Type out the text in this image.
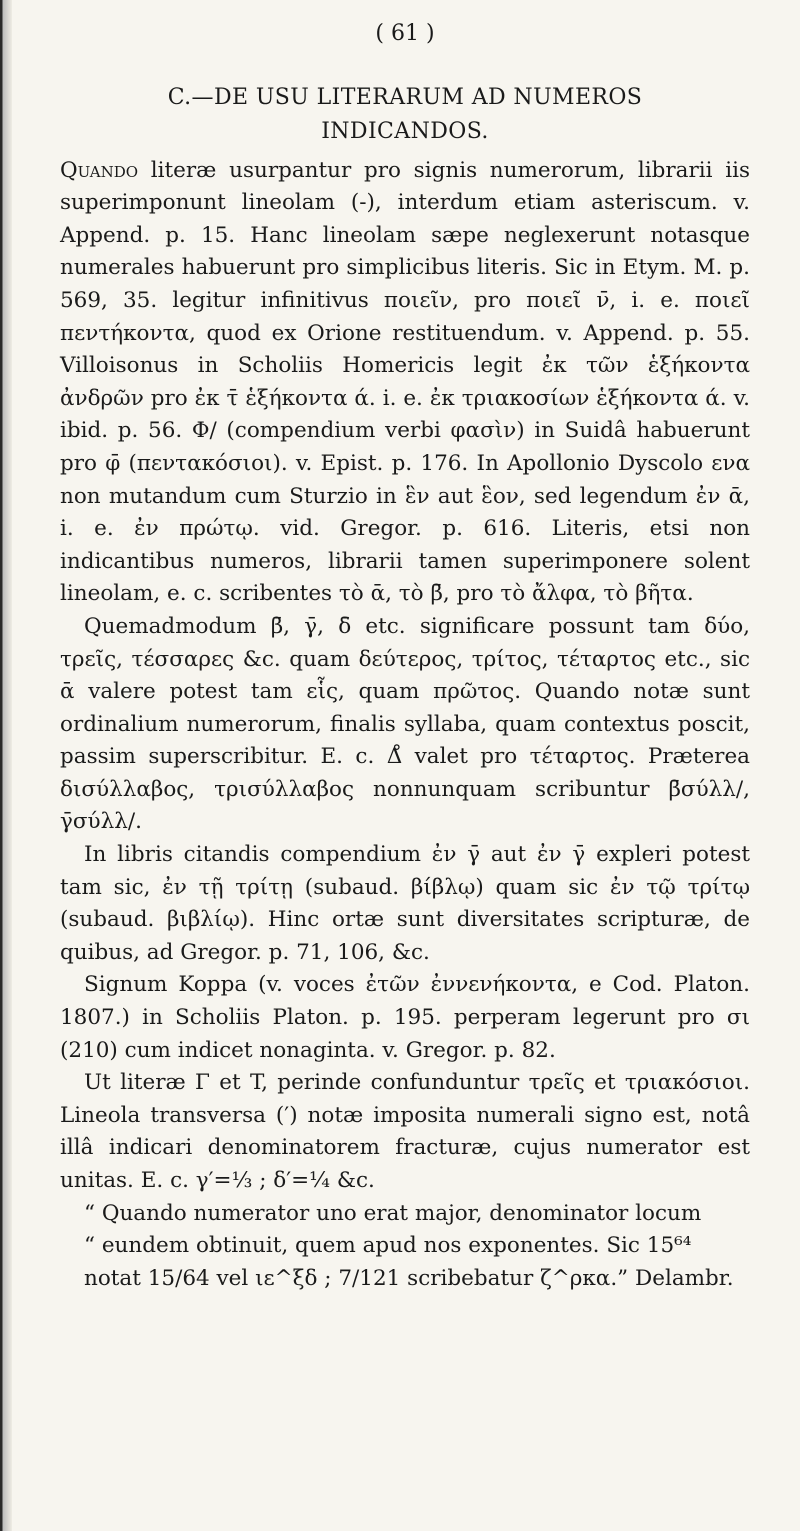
( 61 )
C.—DE USU LITERARUM AD NUMEROS
INDICANDOS.

Quando literæ usurpantur pro signis numerorum, librarii iis superimponunt lineolam (-), interdum etiam asteriscum. v. Append. p. 15. Hanc lineolam sæpe neglexerunt notasque numerales habuerunt pro simplicibus literis. Sic in Etym. M. p. 569, 35. legitur infinitivus ποιεῖν, pro ποιεῖ ν̄, i. e. ποιεῖ πεντήκοντα, quod ex Orione restituendum. v. Append. p. 55. Villoisonus in Scholiis Homericis legit ἐκ τῶν ἑξήκοντα ἀνδρῶν pro ἐκ τ̄ ἑξήκοντα ά. i. e. ἐκ τριακοσίων ἑξήκοντα ά. v. ibid. p. 56. Φ/ (compendium verbi φασὶν) in Suidâ habuerunt pro φ̄ (πεντακόσιοι). v. Epist. p. 176. In Apollonio Dyscolo ενα non mutandum cum Sturzio in ἓν aut ἓον, sed legendum ἐν ᾱ, i. e. ἐν πρώτῳ. vid. Gregor. p. 616. Literis, etsi non indicantibus numeros, librarii tamen superimponere solent lineolam, e. c. scribentes τὸ ᾱ, τὸ β̄, pro τὸ ἄλφα, τὸ βῆτα.

Quemadmodum β̄, γ̄, δ̄ etc. significare possunt tam δύο, τρεῖς, τέσσαρες &c. quam δεύτερος, τρίτος, τέταρτος etc., sic ᾱ valere potest tam εἷς, quam πρῶτος. Quando notæ sunt ordinalium numerorum, finalis syllaba, quam contextus poscit, passim superscribitur. E. c. Δ̊ valet pro τέταρτος. Præterea δισύλλαβος, τρισύλλαβος nonnunquam scribuntur β̄σύλλ/, γ̄σύλλ/.

In libris citandis compendium ἐν γ̄ aut ἐν γ̄ expleri potest tam sic, ἐν τῇ τρίτῃ (subaud. βίβλῳ) quam sic ἐν τῷ τρίτῳ (subaud. βιβλίῳ). Hinc ortæ sunt diversitates scripturæ, de quibus, ad Gregor. p. 71, 106, &c.

Signum Koppa (v. voces ἐτῶν ἐννενήκοντα, e Cod. Platon. 1807.) in Scholiis Platon. p. 195. perperam legerunt pro σι (210) cum indicet nonaginta. v. Gregor. p. 82.

Ut literæ Γ et T, perinde confunduntur τρεῖς et τριακόσιοι. Lineola transversa (′) notæ imposita numerali signo est, notâ illâ indicari denominatorem fracturæ, cujus numerator est unitas. E. c. γ′=⅓ ; δ′=¼ &c.

“ Quando numerator uno erat major, denominator locum
“ eundem obtinuit, quem apud nos exponentes. Sic 15⁶⁴
notat 15/64 vel ιε^ξδ ; 7/121 scribebatur ζ^ρκα.” Delambr.
